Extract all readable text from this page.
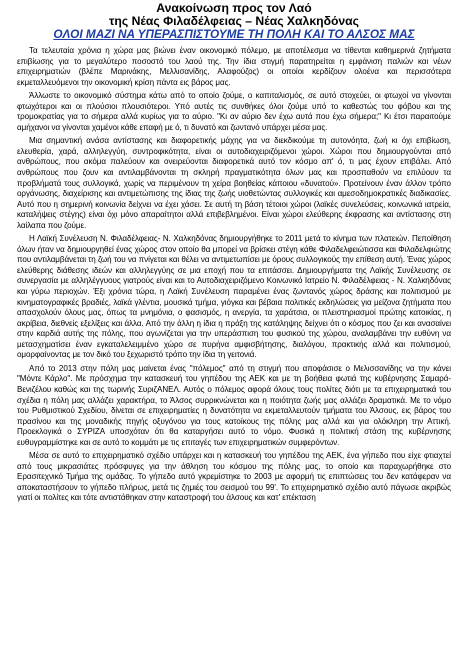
Ανακοίνωση προς τον Λαό
της Νέας Φιλαδέλφειας – Νέας Χαλκηδόνας
ΟΛΟΙ ΜΑΖΙ ΝΑ ΥΠΕΡΑΣΠΙΣΤΟΥΜΕ ΤΗ ΠΟΛΗ ΚΑΙ ΤΟ ΑΛΣΟΣ ΜΑΣ

Τα τελευταία χρόνια η χώρα μας βιώνει έναν οικονομικό πόλεμο, με αποτέλεσμα να τίθενται καθημερινά ζητήματα επιβίωσης για το μεγαλύτερο ποσοστό του λαού της. Την ίδια στιγμή παρατηρείται η εμφάνιση παλιών και νέων επιχειρηματιών (βλέπε Μαρινάκης, Μελλισανίδης, Αλαφούζος) οι οποίοι κερδίζουν ολοένα και περισσότερα εκμεταλλευόμενοι την οικονομική κρίση πάντα εις βάρος μας.

Άλλωστε το οικονομικό σύστημα κάτω από το οποίο ζούμε, ο καπιταλισμός, σε αυτό στοχεύει, οι φτωχοί να γίνονται φτωχότεροι και οι πλούσιοι πλουσιότεροι. Υπό αυτές τις συνθήκες όλοι ζούμε υπό το καθεστώς του φόβου και της τρομοκρατίας για το σήμερα αλλά κυρίως για το αύριο. "Κι αν αύριο δεν έχω αυτά που έχω σήμερα;" Κι έτσι παραιτούμε αμήχανοι να γίνονται χαμένοι κάθε επαφή με ό, τι δυνατό και ζωντανό υπάρχει μέσα μας.

Μια σημαντική ανάσα αντίστασης και διαφορετικής μάχης για να διεκδικούμε τη αυτονόητα, ζωή κι όχι επιβίωση, ελευθερία, χαρά, αλληλεγγύη, συντροφικότητα, είναι οι αυτοδιαχειριζόμενοι χώροι. Χώροι που δημιουργούνται από ανθρώπους, που ακόμα παλεύουν και ονειρεύονται διαφορετικά αυτό τον κόσμο απ' ό, τι μας έχουν επιβάλει. Από ανθρώπους που ζουν και αντιλαμβάνονται τη σκληρή πραγματικότητα όλων μας και προσπαθούν να επιλύουν τα προβλήματά τους συλλογικά, χωρίς να περιμένουν τη χείρα βοηθείας κάποιου «δυνατού». Προτείνουν έναν άλλον τρόπο οργάνωσης, διαχείρισης και αντιμετώπισης της ίδιας της ζωής υιοθετώντας συλλογικές και αμεσοδημοκρατικές διαδικασίες. Αυτό που η σημερινή κοινωνία δείχνει να έχει χάσει. Σε αυτή τη βάση τέτοιοι χώροι (λαϊκές συνελεύσεις, κοινωνικά ιατρεία, καταλήψεις στέγης) είναι όχι μόνο απαραίτητοι αλλά επιβεβλημένοι. Είναι χώροι ελεύθερης έκφρασης και αντίστασης στη λαίλαπα που ζούμε.

Η Λαϊκή Συνέλευση Ν. Φιλαδέλφειας- Ν. Χαλκηδόνας δημιουργήθηκε το 2011 μετά το κίνημα των πλατειών. Πεποίθηση όλων ήταν να δημιουργηθεί ένας χώρος στον οποίο θα μπορεί να βρίσκει στέγη κάθε Φιλαδελφειώτισσα και Φιλαδελφιώτης που αντιλαμβάνεται τη ζωή του να πνίγεται και θέλει να αντιμετωπίσει με όρους συλλογικούς την επίθεση αυτή. Ένας χώρος ελεύθερης διάθεσης ιδεών και αλληλεγγύης σε μια εποχή που τα επιτάσσει. Δημιουργήματα της Λαϊκής Συνέλευσης σε συνεργασία με αλληλέγγυους γιατρούς είναι και το Αυτοδιαχειριζόμενο Κοινωνικό Ιατρείο Ν. Φιλαδέλφειας - Ν. Χαλκηδόνας και γύρω περιοχών. Έξι χρόνια τώρα, η Λαϊκή Συνέλευση παραμένει ένας ζωντανός χώρος δράσης και πολιτισμού με κινηματογραφικές βραδιές, λαϊκά γλέντια, μουσικά τμήμα, γιόγκα και βέβαια πολιτικές εκδηλώσεις για μείζονα ζητήματα που απασχολούν όλους μας, όπως τα μνημόνια, ο φασισμός, η ανεργία, τα χαράτσια, οι πλειστηριασμοί πρώτης κατοικίας, η ακρίβεια, διεθνείς εξελίξεις και άλλα. Από την άλλη η ίδια η πράξη της κατάληψης δείχνει ότι ο κόσμος που ζει και ανασαίνει στην καρδιά αυτής της πόλης, που αγωνίζεται για την υπεράσπιση του φυσικού της χώρου, αναλαμβάνει την ευθύνη να μετασχηματίσει έναν εγκαταλελειμμένο χώρο σε πυρήνα αμφισβήτησης, διαλόγου, πρακτικής αλλά και πολιτισμού, ομορφαίνοντας με τον δικό του ξεχωριστό τρόπο την ίδια τη γειτονιά.

Από το 2013 στην πόλη μας μαίνεται ένας "πόλεμος" από τη στιγμή που αποφάσισε ο Μελισσανίδης να την κάνει "Μόντε Κάρλο". Με πρόσχημα την κατασκευή του γηπέδου της ΑΕΚ και με τη βοήθεια φωτιά της κυβέρνησης Σαμαρά-Βενιζέλου καθώς και της τωρινής ΣυριζΑΝΕΛ. Αυτός ο πόλεμος αφορά όλους τους πολίτες διότι με τα επιχειρηματικά του σχέδια η πόλη μας αλλάζει χαρακτήρα, το Άλσος συρρικνώνεται και η ποιότητα ζωής μας αλλάζει δραματικά. Με το νόμο του Ρυθμιστικού Σχεδίου, δίνεται σε επιχειρηματίες η δυνατότητα να εκμεταλλευτούν τμήματα του Άλσους, εις βάρος του πρασίνου και της μοναδικής πηγής οξυγόνου για τους κατοίκους της πόλης μας αλλά και για ολόκληρη την Αττική. Προεκλογικά ο ΣΥΡΙΖΑ υποσχόταν ότι θα καταργήσει αυτό το νόμο. Φυσικά η πολιτική στάση της κυβέρνησης ευθυγραμμίστηκε και σε αυτό το κομμάτι με τις επιταγές των επιχειρηματικών συμφερόντων.

Μέσα σε αυτό το επιχειρηματικό σχέδιο υπάρχει και η κατασκευή του γηπέδου της ΑΕΚ, ένα γήπεδο που είχε φτιαχτεί από τους μικρασιάτες πρόσφυγες για την άθληση του κόσμου της πόλης μας, το οποίο και παραχωρήθηκε στο Ερασιτεχνικό Τμήμα της ομάδας. Το γήπεδο αυτό γκρεμίστηκε το 2003 με αφορμή τις επιπτώσεις του δεν κατάφεραν να αποκαταστήσουν το γήπεδο πλήρως, μετά τις ζημιές του σεισμού του 99'. Το επιχειρηματικό σχέδιο αυτό πάγωσε ακριβώς γιατί οι πολίτες και τότε αντιστάθηκαν στην καταστροφή του άλσους και κατ' επέκταση
